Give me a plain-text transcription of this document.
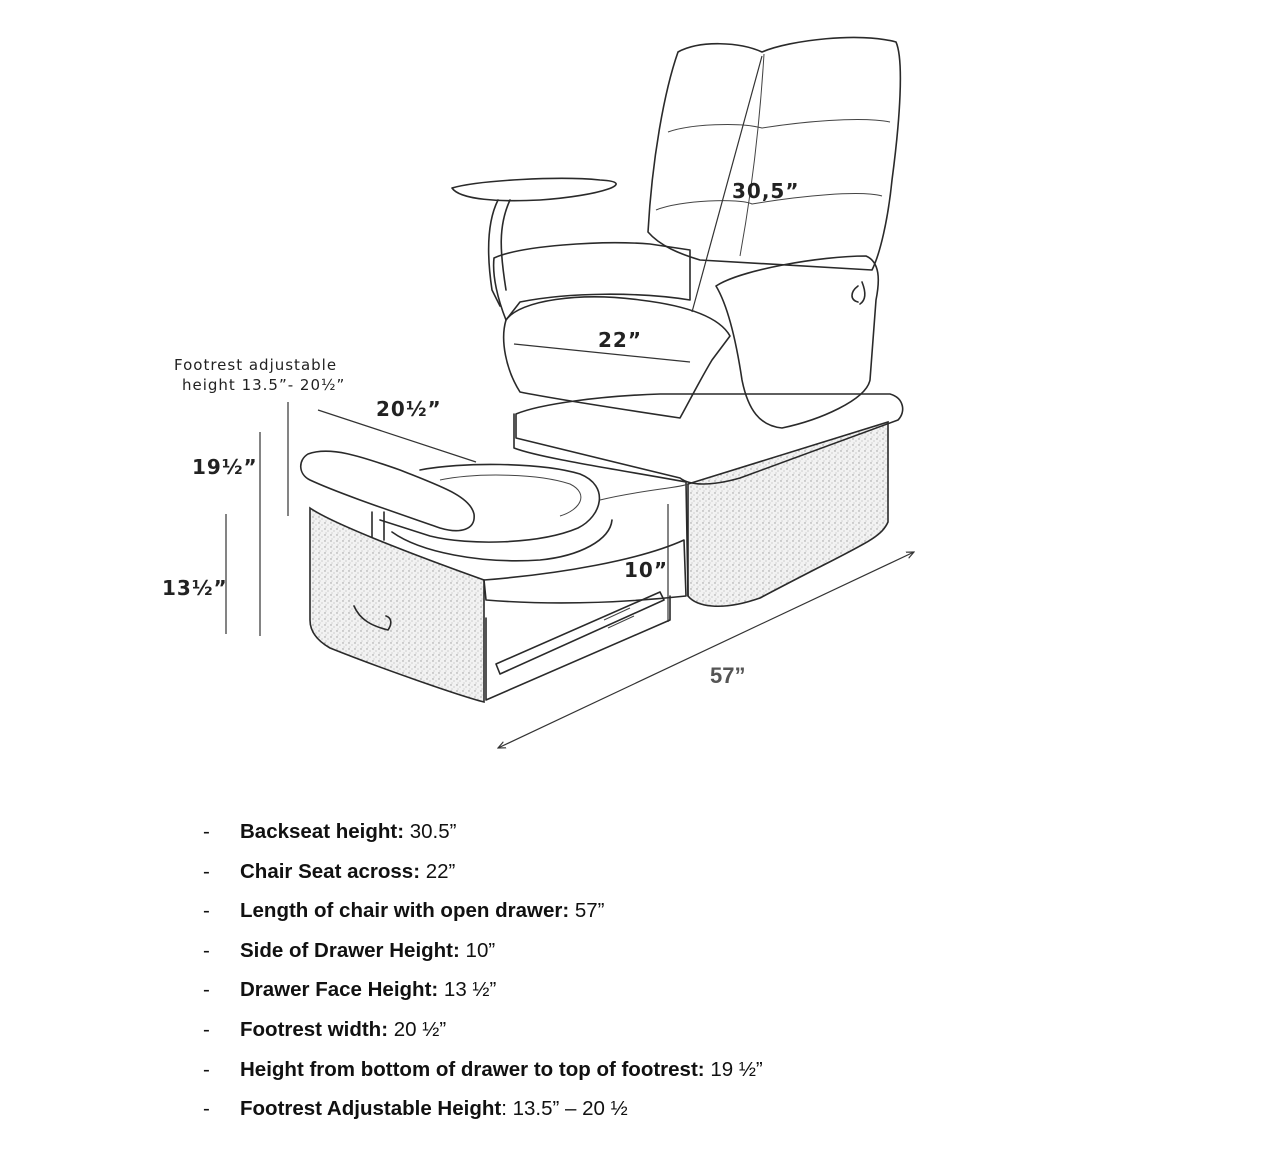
30,5”
22”
20½”
Footrest adjustable
height 13.5”- 20½”
19½”
13½”
10”
57”
- Backseat height: 30.5”
- Chair Seat across: 22”
- Length of chair with open drawer: 57”
- Side of Drawer Height: 10”
- Drawer Face Height: 13 ½”
- Footrest width: 20 ½”
- Height from bottom of drawer to top of footrest: 19 ½”
- Footrest Adjustable Height: 13.5” – 20 ½
